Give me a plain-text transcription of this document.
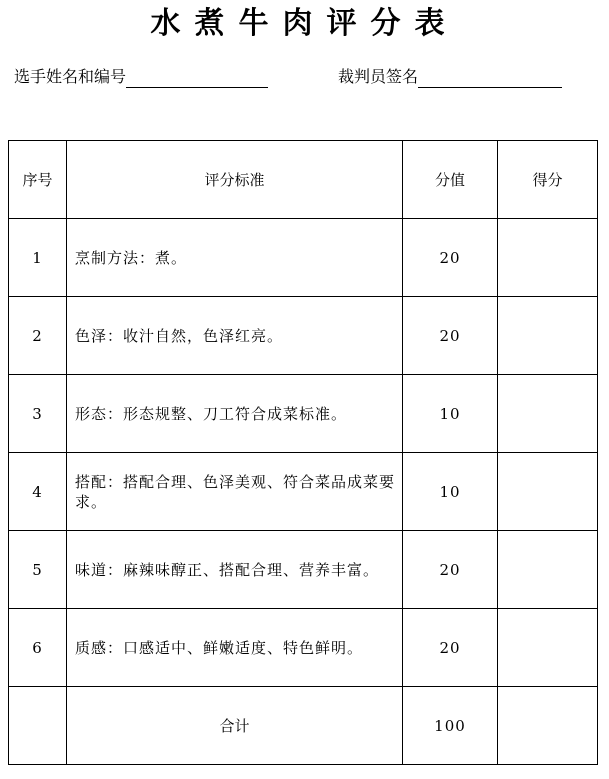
水煮牛肉评分表
选手姓名和编号	裁判员签名
序号	评分标准	分值	得分
1	烹制方法：煮。	20	
2	色泽：收汁自然，色泽红亮。	20	
3	形态：形态规整、刀工符合成菜标准。	10	
4	搭配：搭配合理、色泽美观、符合菜品成菜要求。	10	
5	味道：麻辣味醇正、搭配合理、营养丰富。	20	
6	质感：口感适中、鲜嫩适度、特色鲜明。	20	
	合计	100	
